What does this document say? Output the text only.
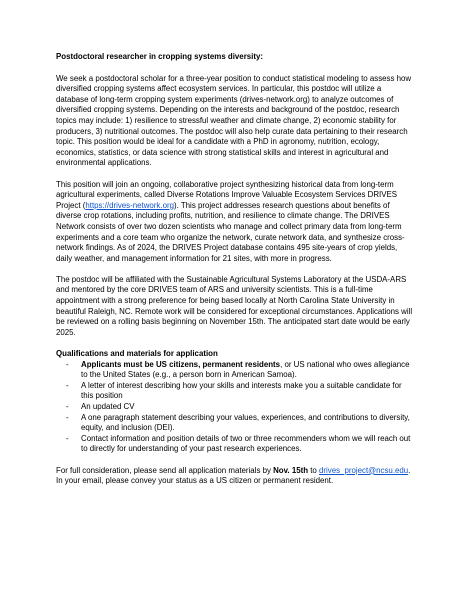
Postdoctoral researcher in cropping systems diversity:

We seek a postdoctoral scholar for a three-year position to conduct statistical modeling to assess how diversified cropping systems affect ecosystem services. In particular, this postdoc will utilize a database of long-term cropping system experiments (drives-network.org) to analyze outcomes of diversified cropping systems. Depending on the interests and background of the postdoc, research topics may include: 1) resilience to stressful weather and climate change, 2) economic stability for producers, 3) nutritional outcomes. The postdoc will also help curate data pertaining to their research topic. This position would be ideal for a candidate with a PhD in agronomy, nutrition, ecology, economics, statistics, or data science with strong statistical skills and interest in agricultural and environmental applications.

This position will join an ongoing, collaborative project synthesizing historical data from long-term agricultural experiments, called Diverse Rotations Improve Valuable Ecosystem Services DRIVES Project (https://drives-network.org). This project addresses research questions about benefits of diverse crop rotations, including profits, nutrition, and resilience to climate change. The DRIVES Network consists of over two dozen scientists who manage and collect primary data from long-term experiments and a core team who organize the network, curate network data, and synthesize cross-network findings. As of 2024, the DRIVES Project database contains 495 site-years of crop yields, daily weather, and management information for 21 sites, with more in progress.

The postdoc will be affiliated with the Sustainable Agricultural Systems Laboratory at the USDA-ARS and mentored by the core DRIVES team of ARS and university scientists. This is a full-time appointment with a strong preference for being based locally at North Carolina State University in beautiful Raleigh, NC. Remote work will be considered for exceptional circumstances. Applications will be reviewed on a rolling basis beginning on November 15th. The anticipated start date would be early 2025.

Qualifications and materials for application
- Applicants must be US citizens, permanent residents, or US national who owes allegiance to the United States (e.g., a person born in American Samoa).
- A letter of interest describing how your skills and interests make you a suitable candidate for this position
- An updated CV
- A one paragraph statement describing your values, experiences, and contributions to diversity, equity, and inclusion (DEI).
- Contact information and position details of two or three recommenders whom we will reach out to directly for understanding of your past research experiences.

For full consideration, please send all application materials by Nov. 15th to drives_project@ncsu.edu. In your email, please convey your status as a US citizen or permanent resident.
